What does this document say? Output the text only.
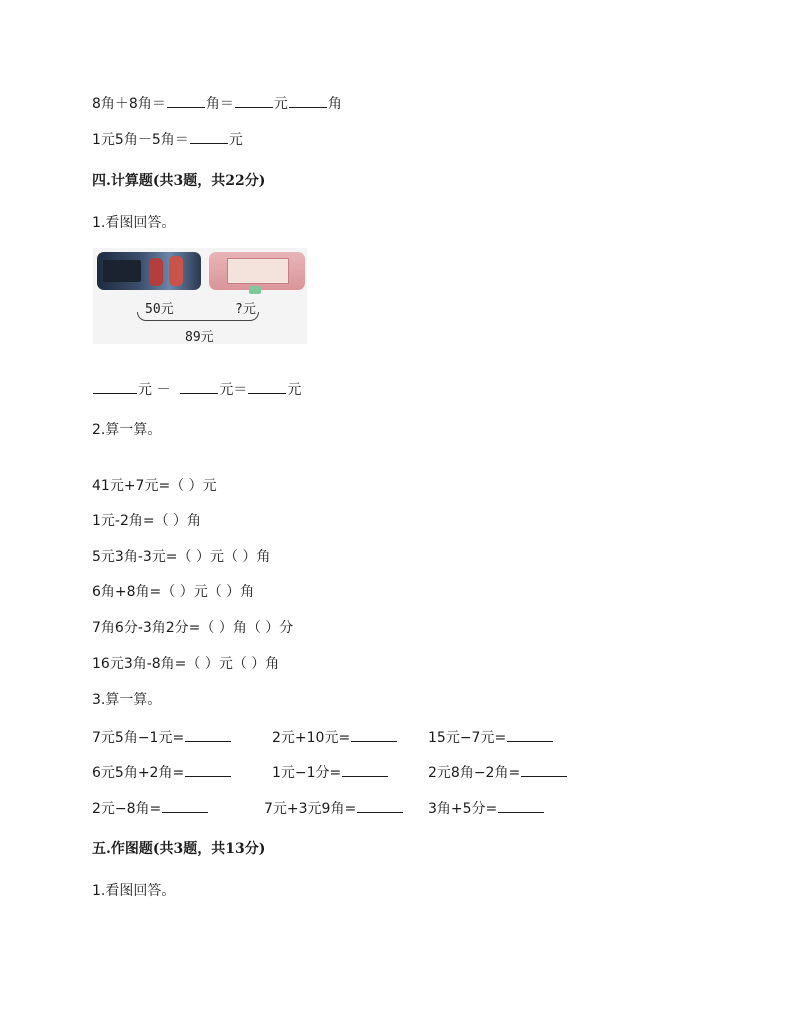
8角＋8角＝	角＝	元	角
1元5角－5角＝	元
四.计算题(共3题，共22分)
1.看图回答。
50元	?元
89元
元 －	元＝	元
2.算一算。
41元+7元=（ ）元
1元-2角=（ ）角
5元3角-3元=（ ）元（ ）角
6角+8角=（ ）元（ ）角
7角6分-3角2分=（ ）角（ ）分
16元3角-8角=（ ）元（ ）角
3.算一算。
7元5角−1元=	2元+10元=	15元−7元=
6元5角+2角=	1元−1分=	2元8角−2角=
2元−8角=	7元+3元9角=	3角+5分=
五.作图题(共3题，共13分)
1.看图回答。
